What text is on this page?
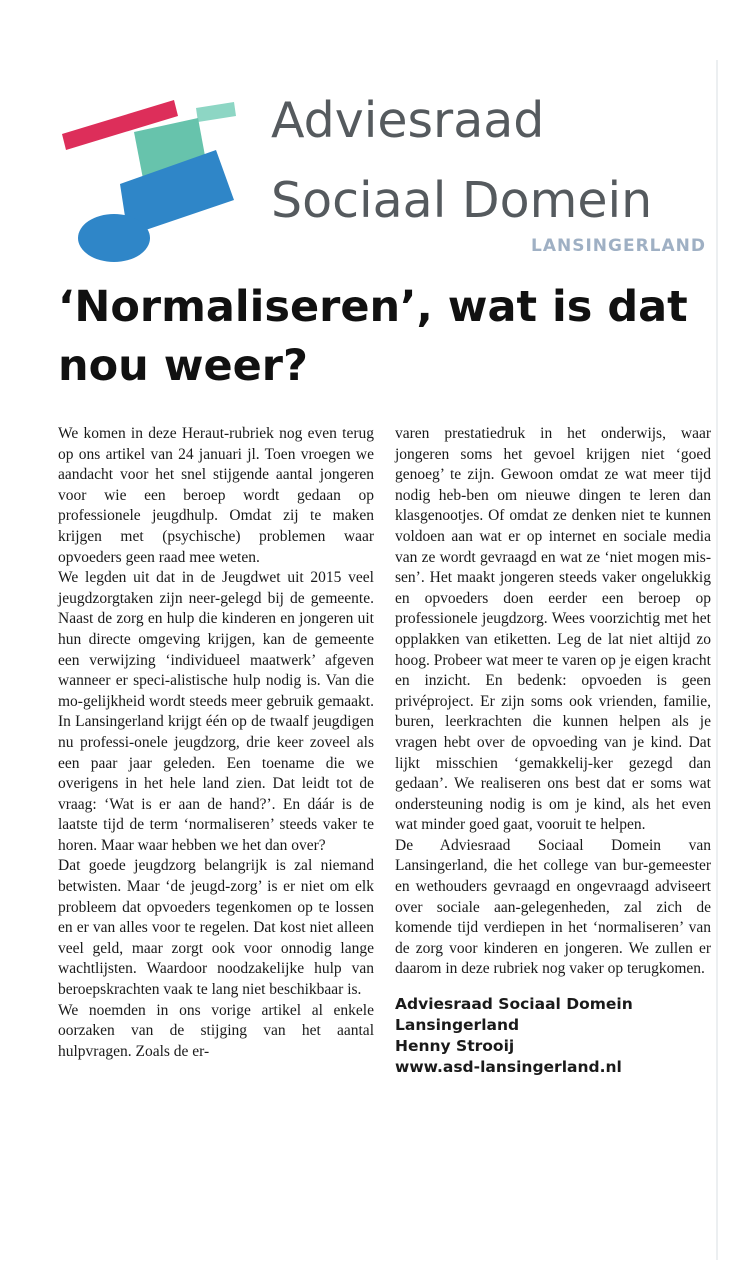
Adviesraad
Sociaal Domein
LANSINGERLAND
‘Normaliseren’, wat is dat nou weer?

We komen in deze Heraut-rubriek nog even terug op ons artikel van 24 januari jl. Toen vroegen we aandacht voor het snel stijgende aantal jongeren voor wie een beroep wordt gedaan op professionele jeugdhulp. Omdat zij te maken krijgen met (psychische) problemen waar opvoeders geen raad mee weten.

We legden uit dat in de Jeugdwet uit 2015 veel jeugdzorgtaken zijn neer-gelegd bij de gemeente. Naast de zorg en hulp die kinderen en jongeren uit hun directe omgeving krijgen, kan de gemeente een verwijzing ‘individueel maatwerk’ afgeven wanneer er speci-alistische hulp nodig is. Van die mo-gelijkheid wordt steeds meer gebruik gemaakt. In Lansingerland krijgt één op de twaalf jeugdigen nu professi-onele jeugdzorg, drie keer zoveel als een paar jaar geleden. Een toename die we overigens in het hele land zien. Dat leidt tot de vraag: ‘Wat is er aan de hand?’. En dáár is de laatste tijd de term ‘normaliseren’ steeds vaker te horen. Maar waar hebben we het dan over?

Dat goede jeugdzorg belangrijk is zal niemand betwisten. Maar ‘de jeugd-zorg’ is er niet om elk probleem dat opvoeders tegenkomen op te lossen en er van alles voor te regelen. Dat kost niet alleen veel geld, maar zorgt ook voor onnodig lange wachtlijsten. Waardoor noodzakelijke hulp van beroepskrachten vaak te lang niet beschikbaar is.

We noemden in ons vorige artikel al enkele oorzaken van de stijging van het aantal hulpvragen. Zoals de er-

varen prestatiedruk in het onderwijs, waar jongeren soms het gevoel krijgen niet ‘goed genoeg’ te zijn. Gewoon omdat ze wat meer tijd nodig heb-ben om nieuwe dingen te leren dan klasgenootjes. Of omdat ze denken niet te kunnen voldoen aan wat er op internet en sociale media van ze wordt gevraagd en wat ze ‘niet mogen mis-sen’. Het maakt jongeren steeds vaker ongelukkig en opvoeders doen eerder een beroep op professionele jeugdzorg. Wees voorzichtig met het opplakken van etiketten. Leg de lat niet altijd zo hoog. Probeer wat meer te varen op je eigen kracht en inzicht. En bedenk: opvoeden is geen privéproject. Er zijn soms ook vrienden, familie, buren, leerkrachten die kunnen helpen als je vragen hebt over de opvoeding van je kind. Dat lijkt misschien ‘gemakkelij-ker gezegd dan gedaan’. We realiseren ons best dat er soms wat ondersteuning nodig is om je kind, als het even wat minder goed gaat, vooruit te helpen.

De Adviesraad Sociaal Domein van Lansingerland, die het college van bur-gemeester en wethouders gevraagd en ongevraagd adviseert over sociale aan-gelegenheden, zal zich de komende tijd verdiepen in het ‘normaliseren’ van de zorg voor kinderen en jongeren. We zullen er daarom in deze rubriek nog vaker op terugkomen.

Adviesraad Sociaal Domein Lansingerland
Henny Strooij
www.asd-lansingerland.nl
